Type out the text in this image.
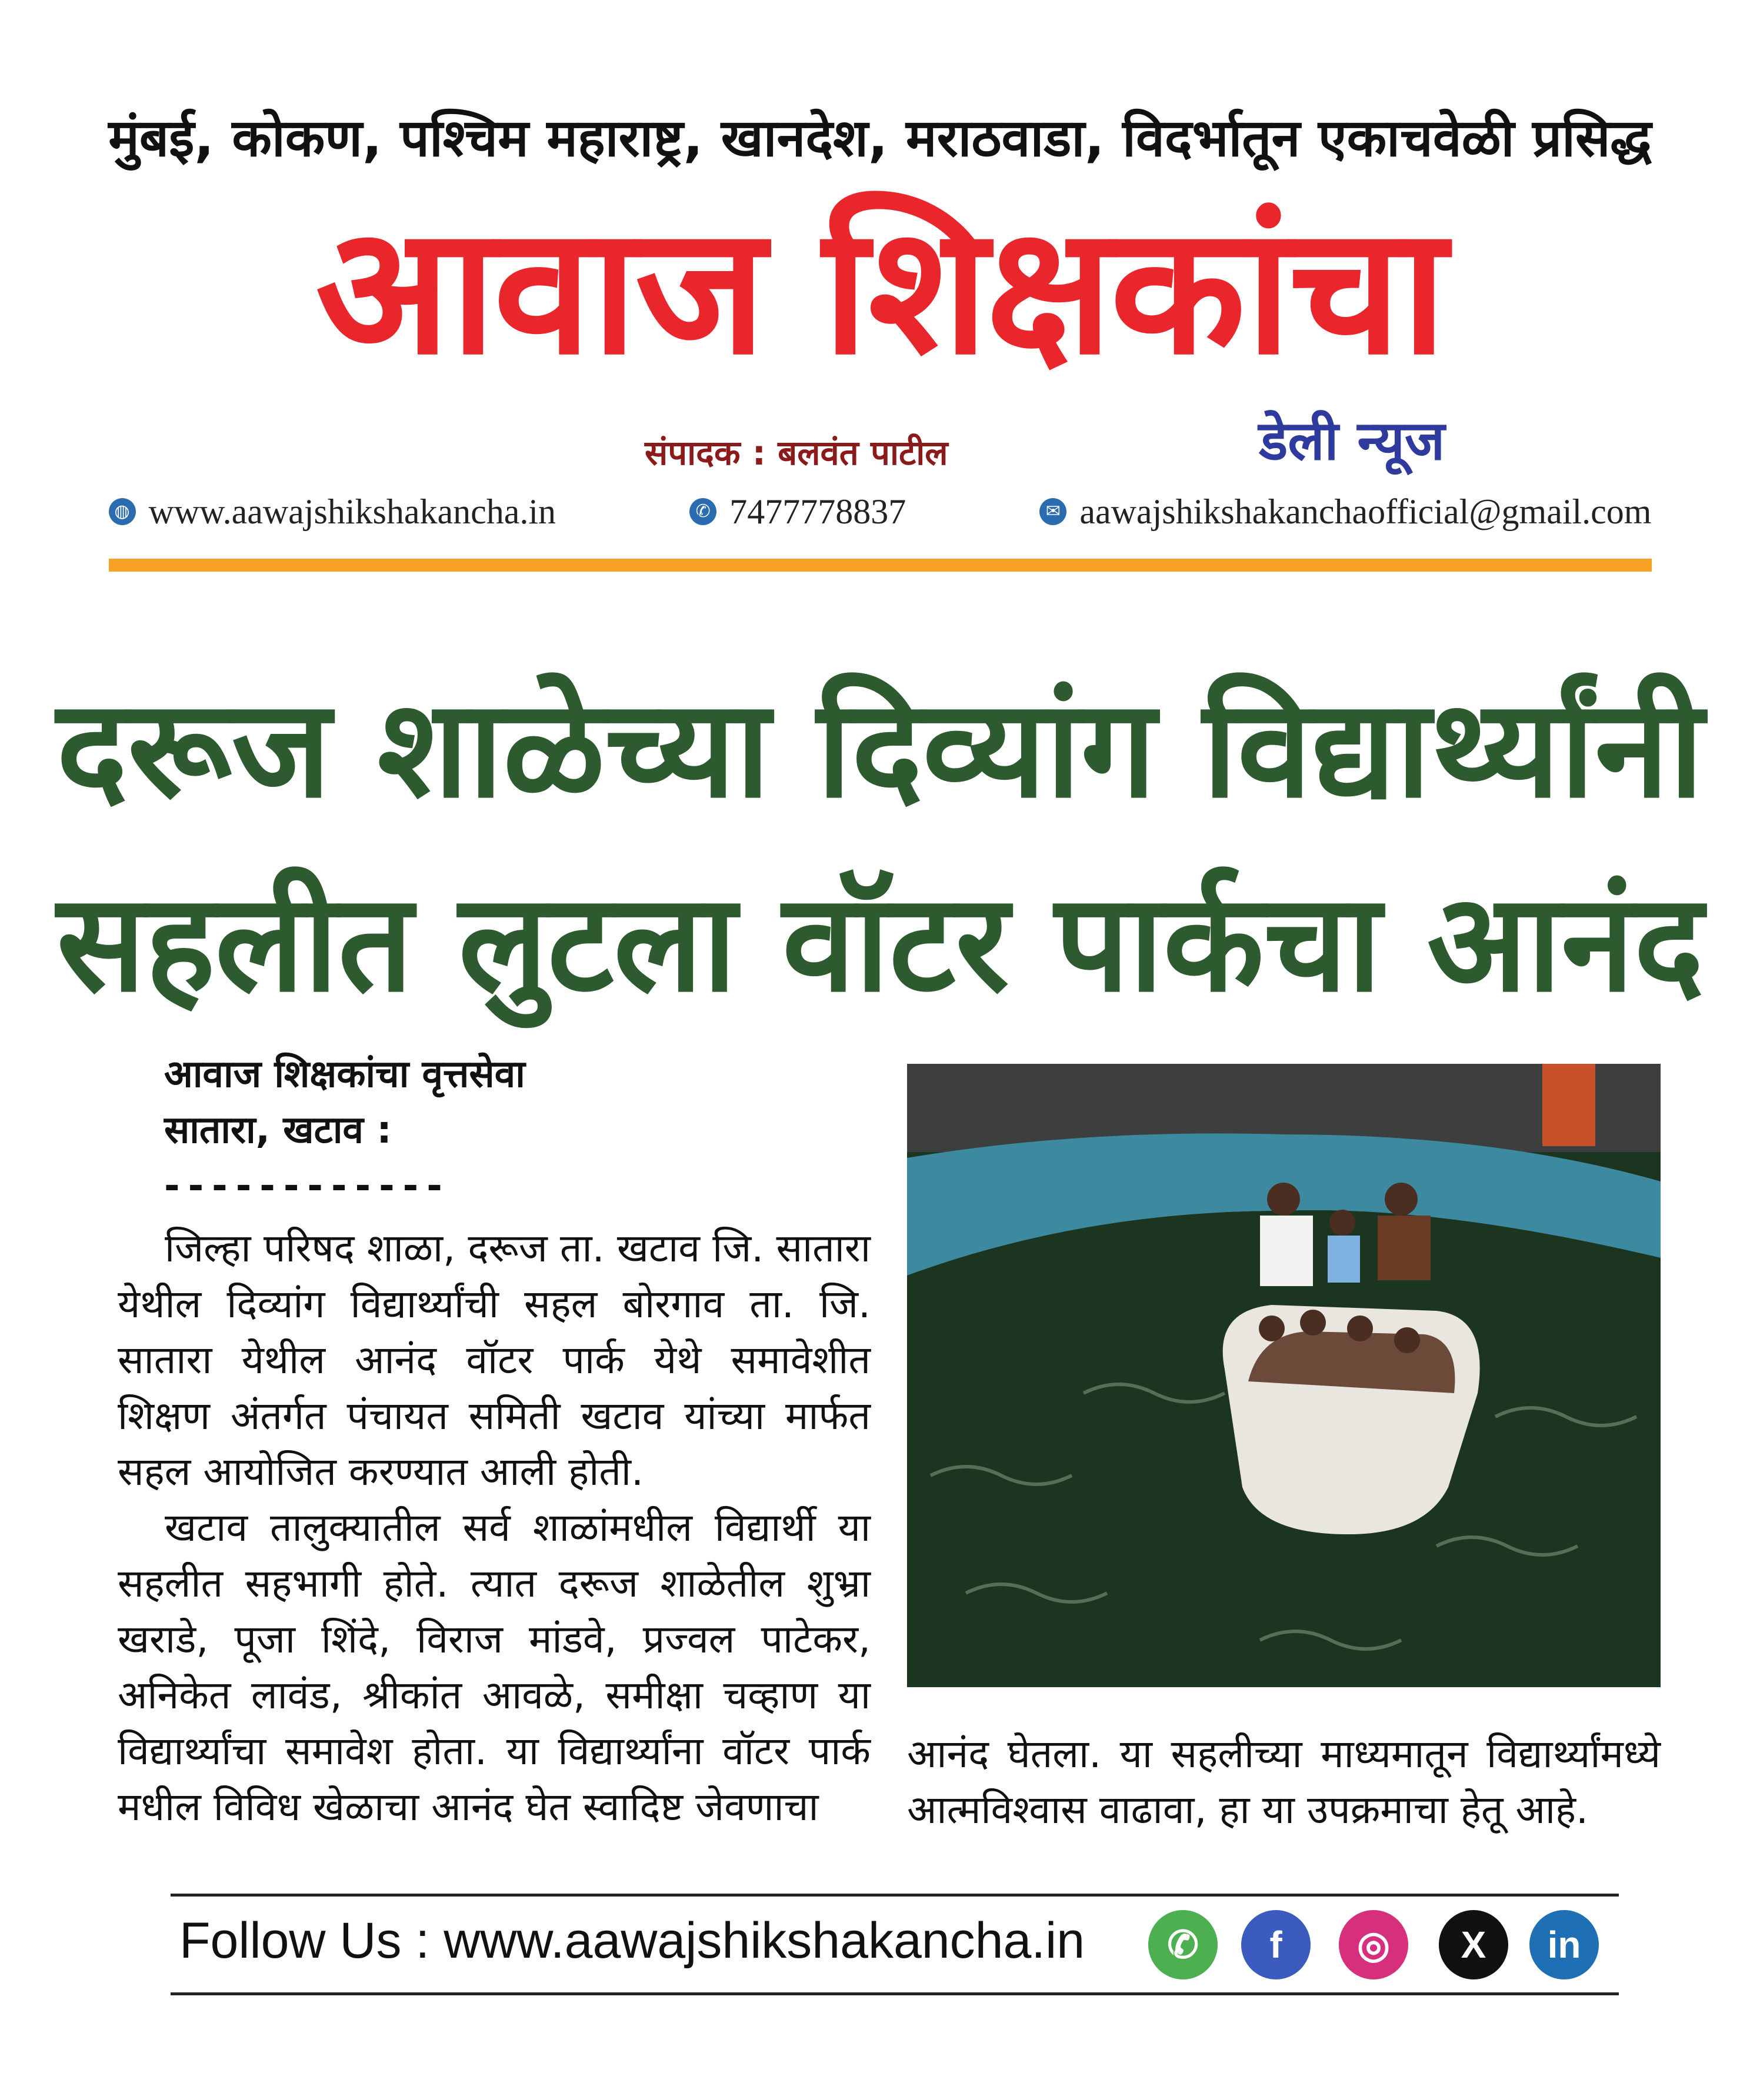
मुंबई, कोकण, पश्चिम महाराष्ट्र, खानदेश, मराठवाडा, विदर्भातून एकाचवेळी प्रसिद्ध
आवाज शिक्षकांचा
संपादक : बलवंत पाटील	डेली न्यूज
◍ www.aawajshikshakancha.in	✆ 7477778837	✉ aawajshikshakanchaofficial@gmail.com
दरूज शाळेच्या दिव्यांग विद्यार्थ्यांनी
सहलीत लुटला वॉटर पार्कचा आनंद
आवाज शिक्षकांचा वृत्तसेवा
सातारा, खटाव :
------------

जिल्हा परिषद शाळा, दरूज ता. खटाव जि. सातारा येथील दिव्यांग विद्यार्थ्यांची सहल बोरगाव ता. जि. सातारा येथील आनंद वॉटर पार्क येथे समावेशीत शिक्षण अंतर्गत पंचायत समिती खटाव यांच्या मार्फत सहल आयोजित करण्यात आली होती.

खटाव तालुक्यातील सर्व शाळांमधील विद्यार्थी या सहलीत सहभागी होते. त्यात दरूज शाळेतील शुभ्रा खराडे, पूजा शिंदे, विराज मांडवे, प्रज्वल पाटेकर, अनिकेत लावंड, श्रीकांत आवळे, समीक्षा चव्हाण या विद्यार्थ्यांचा समावेश होता. या विद्यार्थ्यांना वॉटर पार्क मधील विविध खेळाचा आनंद घेत स्वादिष्ट जेवणाचा

आनंद घेतला. या सहलीच्या माध्यमातून विद्यार्थ्यांमध्ये आत्मविश्वास वाढावा, हा या उपक्रमाचा हेतू आहे.
Follow Us : www.aawajshikshakancha.in	✆	f	◎	X	in
